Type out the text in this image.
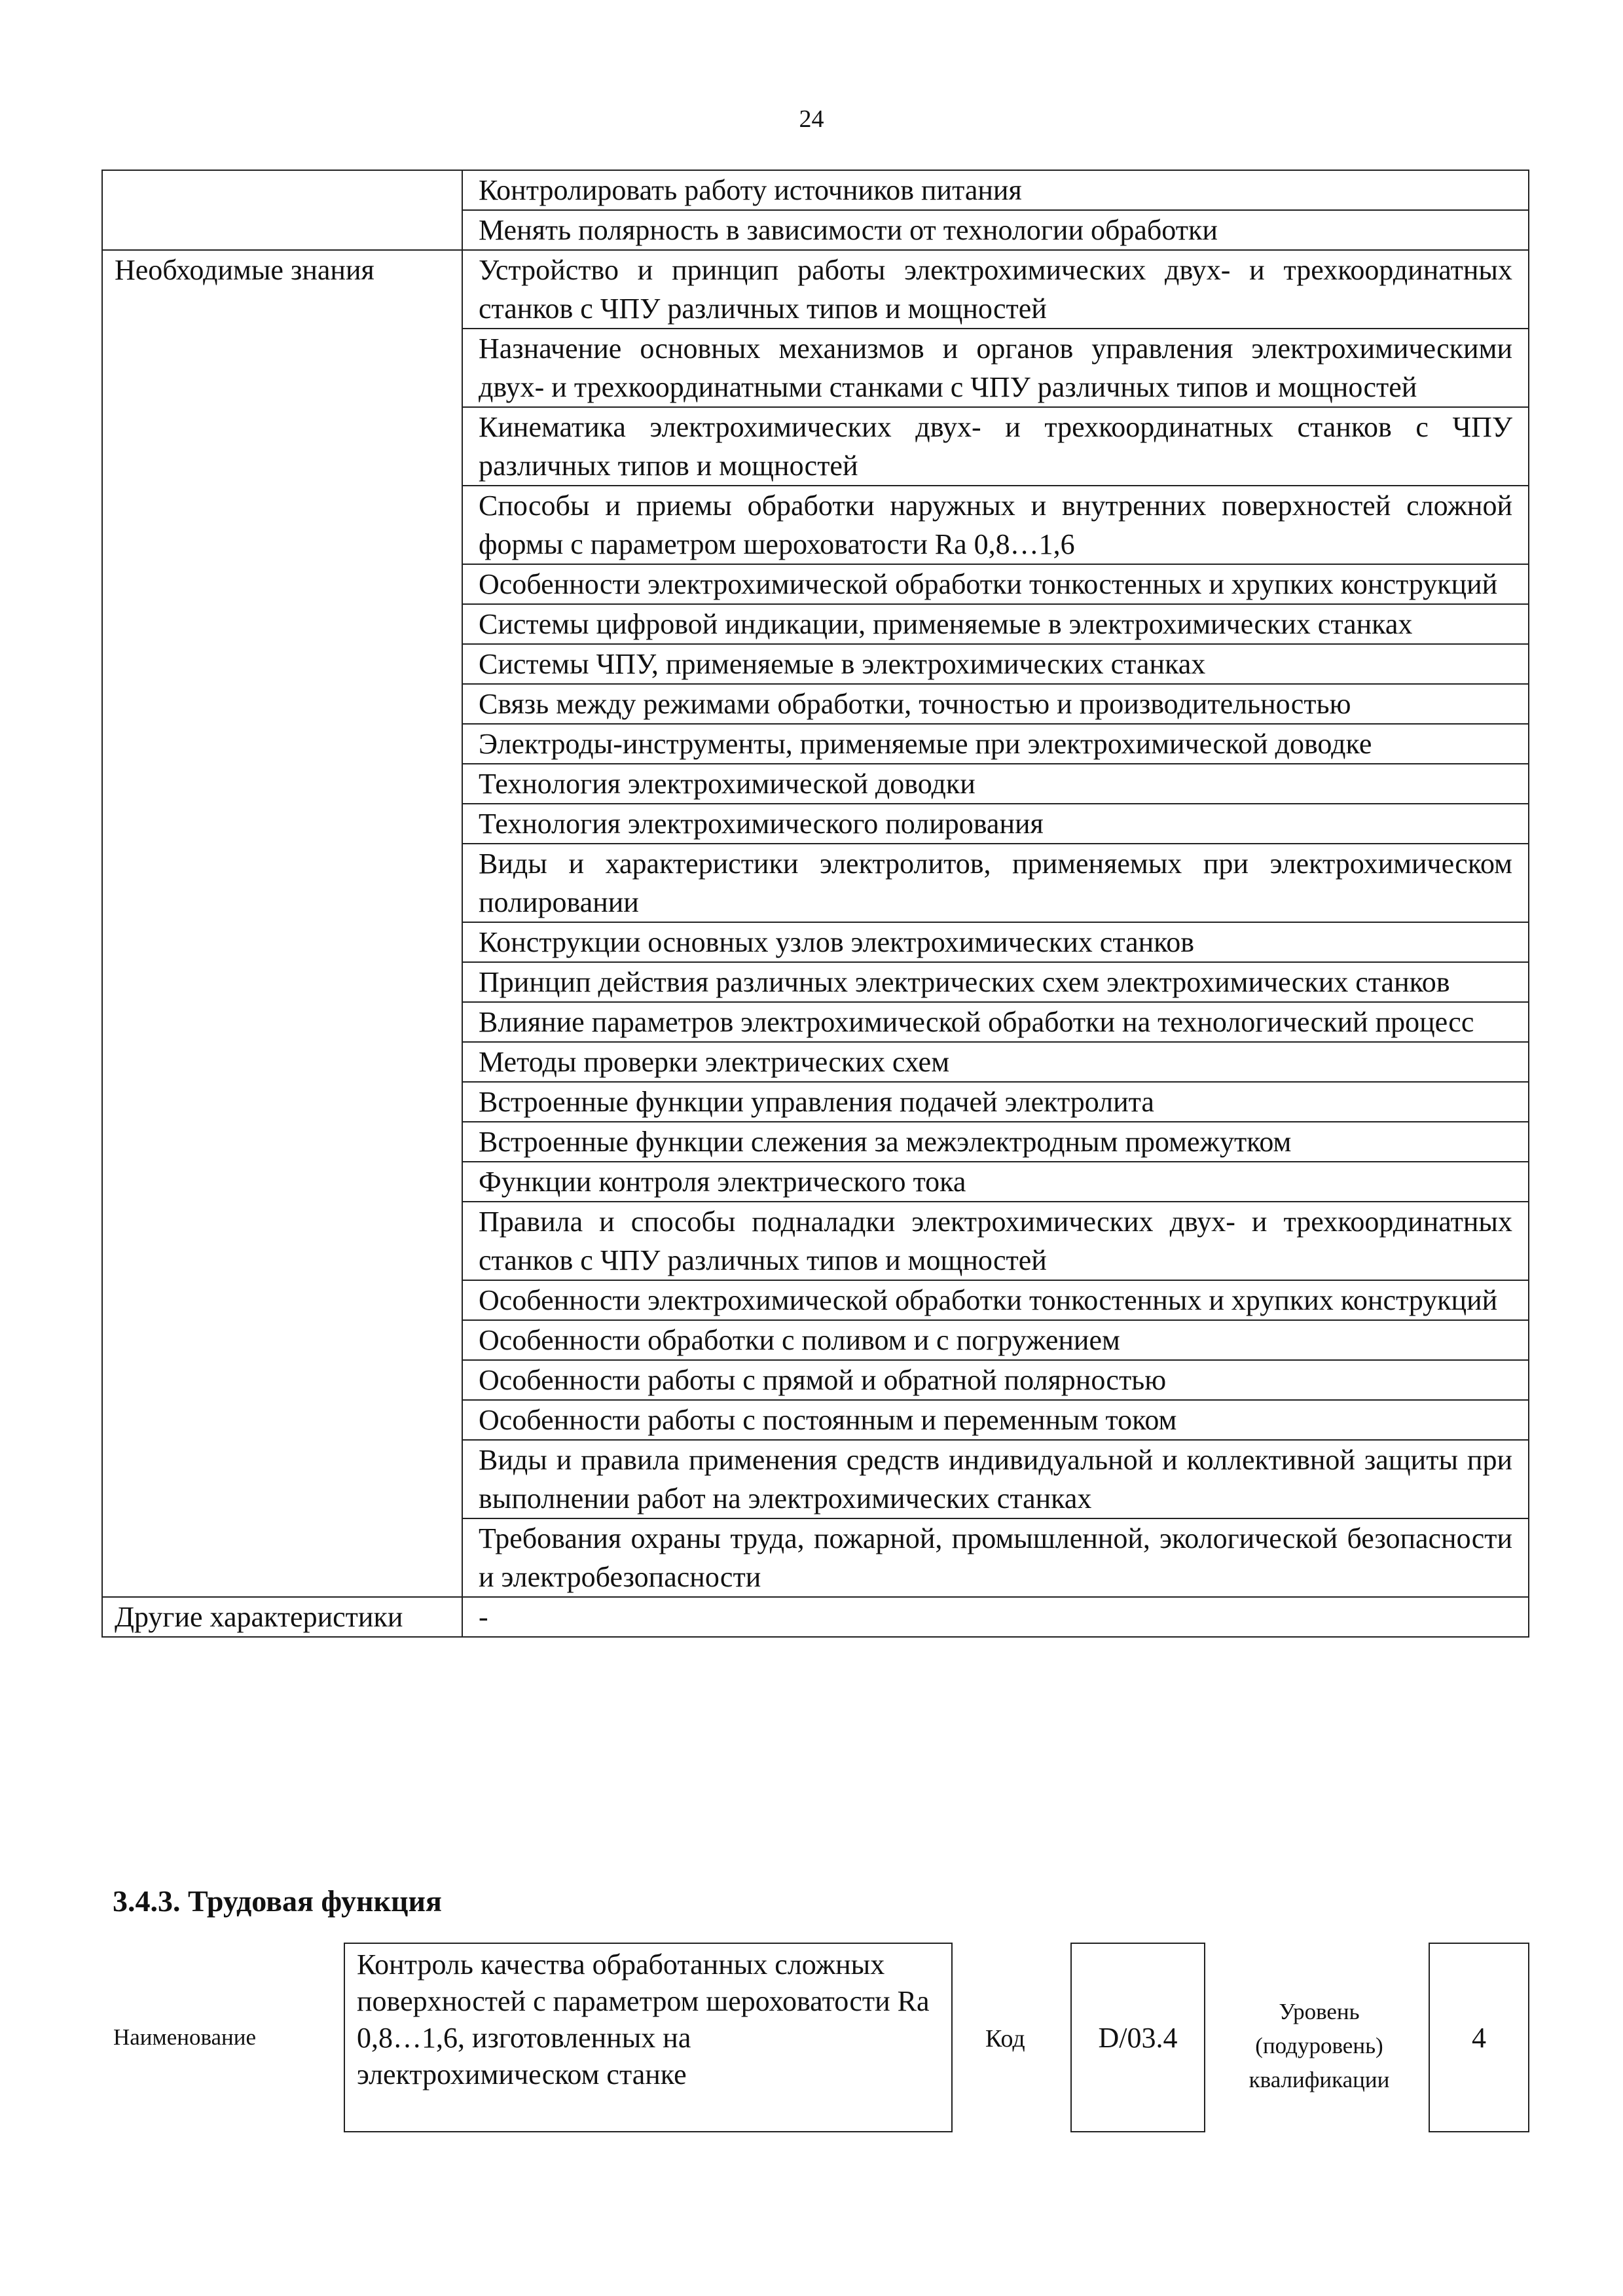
24
	Контролировать работу источников питания
	Менять полярность в зависимости от технологии обработки
Необходимые знания	Устройство и принцип работы электрохимических двух- и трехкоординатных станков с ЧПУ различных типов и мощностей
	Назначение основных механизмов и органов управления электрохимическими двух- и трехкоординатными станками с ЧПУ различных типов и мощностей
	Кинематика электрохимических двух- и трехкоординатных станков с ЧПУ различных типов и мощностей
	Способы и приемы обработки наружных и внутренних поверхностей сложной формы с параметром шероховатости Ra 0,8…1,6
	Особенности электрохимической обработки тонкостенных и хрупких конструкций
	Системы цифровой индикации, применяемые в электрохимических станках
	Системы ЧПУ, применяемые в электрохимических станках
	Связь между режимами обработки, точностью и производительностью
	Электроды-инструменты, применяемые при электрохимической доводке
	Технология электрохимической доводки
	Технология электрохимического полирования
	Виды и характеристики электролитов, применяемых при электрохимическом полировании
	Конструкции основных узлов электрохимических станков
	Принцип действия различных электрических схем электрохимических станков
	Влияние параметров электрохимической обработки на технологический процесс
	Методы проверки электрических схем
	Встроенные функции управления подачей электролита
	Встроенные функции слежения за межэлектродным промежутком
	Функции контроля электрического тока
	Правила и способы подналадки электрохимических двух- и трехкоординатных станков с ЧПУ различных типов и мощностей
	Особенности электрохимической обработки тонкостенных и хрупких конструкций
	Особенности обработки с поливом и с погружением
	Особенности работы с прямой и обратной полярностью
	Особенности работы с постоянным и переменным током
	Виды и правила применения средств индивидуальной и коллективной защиты при выполнении работ на электрохимических станках
	Требования охраны труда, пожарной, промышленной, экологической безопасности и электробезопасности
Другие характеристики	-
3.4.3. Трудовая функция
Наименование
Контроль качества обработанных сложных поверхностей с параметром шероховатости Ra 0,8…1,6, изготовленных на электрохимическом станке
Код	D/03.4
Уровень (подуровень) квалификации
4
